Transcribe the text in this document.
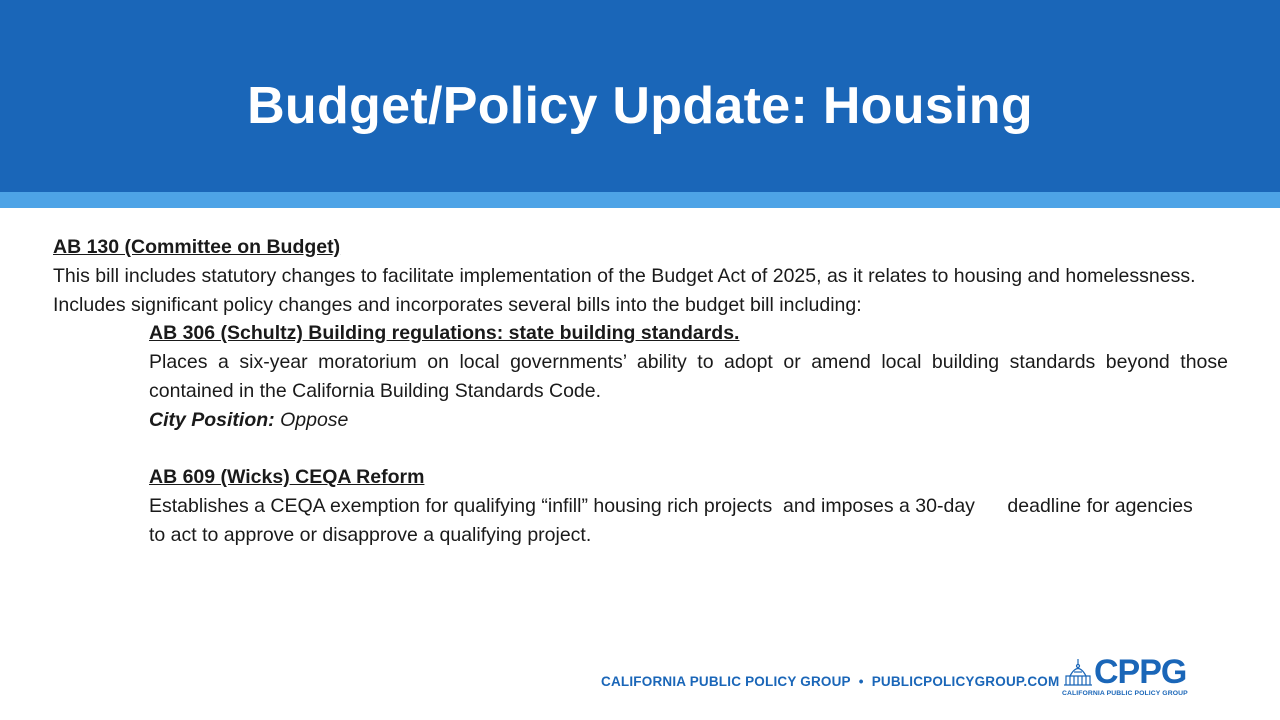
Budget/Policy Update: Housing

AB 130 (Committee on Budget)

This bill includes statutory changes to facilitate implementation of the Budget Act of 2025, as it relates to housing and homelessness. Includes significant policy changes and incorporates several bills into the budget bill including:

AB 306 (Schultz) Building regulations: state building standards.

Places a six-year moratorium on local governments’ ability to adopt or amend local building standards beyond those contained in the California Building Standards Code.

City Position: Oppose

AB 609 (Wicks) CEQA Reform

Establishes a CEQA exemption for qualifying “infill” housing rich projects  and imposes a 30-day      deadline for agencies to act to approve or disapprove a qualifying project.

CALIFORNIA PUBLIC POLICY GROUP • PUBLICPOLICYGROUP.COM CPPG
CALIFORNIA PUBLIC POLICY GROUP
